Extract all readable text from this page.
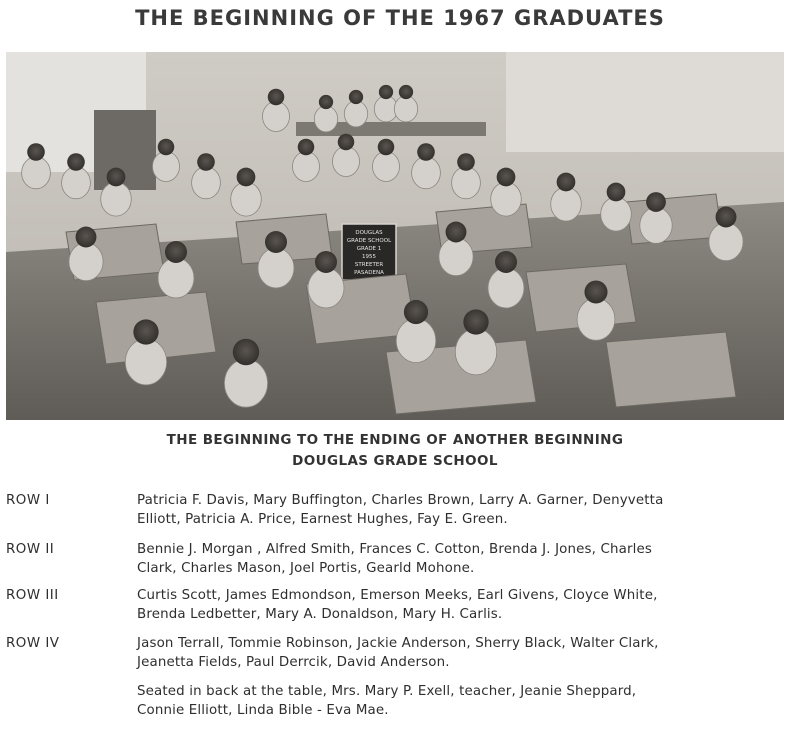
THE BEGINNING OF THE 1967 GRADUATES
DOUGLAS
GRADE SCHOOL
GRADE 1
1955
STREETER
PASADENA
THE BEGINNING TO THE ENDING OF ANOTHER BEGINNING
DOUGLAS GRADE SCHOOL
ROW I	Patricia F. Davis, Mary Buffington, Charles Brown, Larry A. Garner, Denyvetta
Elliott, Patricia A. Price, Earnest Hughes, Fay E. Green.
ROW II	Bennie J. Morgan , Alfred Smith, Frances C. Cotton, Brenda J. Jones, Charles
Clark, Charles Mason, Joel Portis, Gearld Mohone.
ROW III	Curtis Scott, James Edmondson, Emerson Meeks, Earl Givens, Cloyce White,
Brenda Ledbetter, Mary A. Donaldson, Mary H. Carlis.
ROW IV	Jason Terrall, Tommie Robinson, Jackie Anderson, Sherry Black, Walter Clark,
Jeanetta Fields, Paul Derrcik, David Anderson.
Seated in back at the table, Mrs. Mary P. Exell, teacher, Jeanie Sheppard,
Connie Elliott, Linda Bible - Eva Mae.
